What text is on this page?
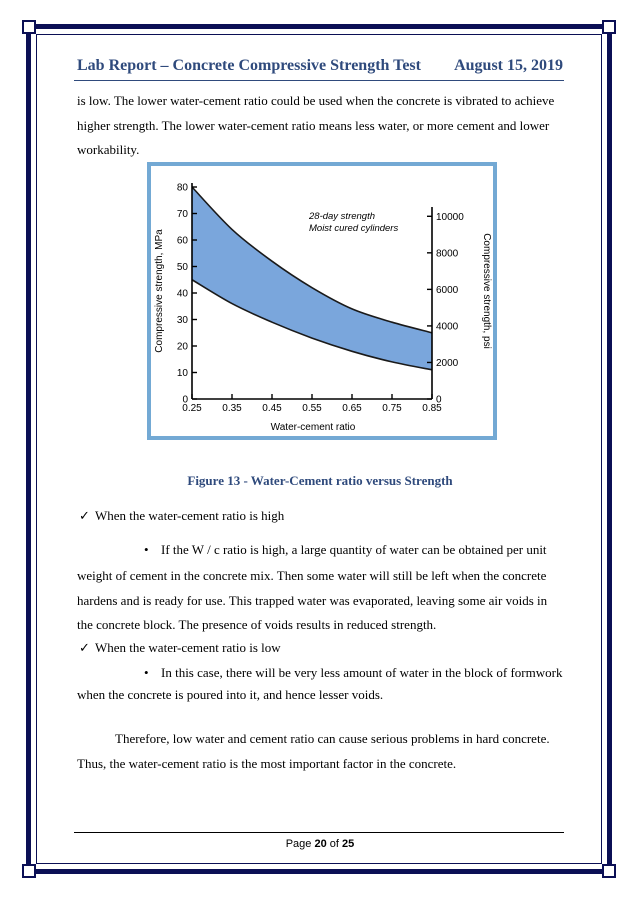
Lab Report – Concrete Compressive Strength Test August 15, 2019
is low. The lower water-cement ratio could be used when the concrete is vibrated to achieve
higher strength. The lower water-cement ratio means less water, or more cement and lower
workability.
0
10
20
30
40
50
60
70
80
0.25 0.35 0.45 0.55 0.65 0.75 0.85
0
2000
4000
6000
8000
10000
28-day strength
Moist cured cylinders
Water-cement ratio
Compressive strength, MPa	Compressive strength, psi
Figure 13 - Water-Cement ratio versus Strength
✓ When the water-cement ratio is high
• If the W / c ratio is high, a large quantity of water can be obtained per unit
weight of cement in the concrete mix. Then some water will still be left when the concrete
hardens and is ready for use. This trapped water was evaporated, leaving some air voids in
the concrete block. The presence of voids results in reduced strength.
✓ When the water-cement ratio is low
• In this case, there will be very less amount of water in the block of formwork
when the concrete is poured into it, and hence lesser voids.
Therefore, low water and cement ratio can cause serious problems in hard concrete.
Thus, the water-cement ratio is the most important factor in the concrete.
Page 20 of 25
